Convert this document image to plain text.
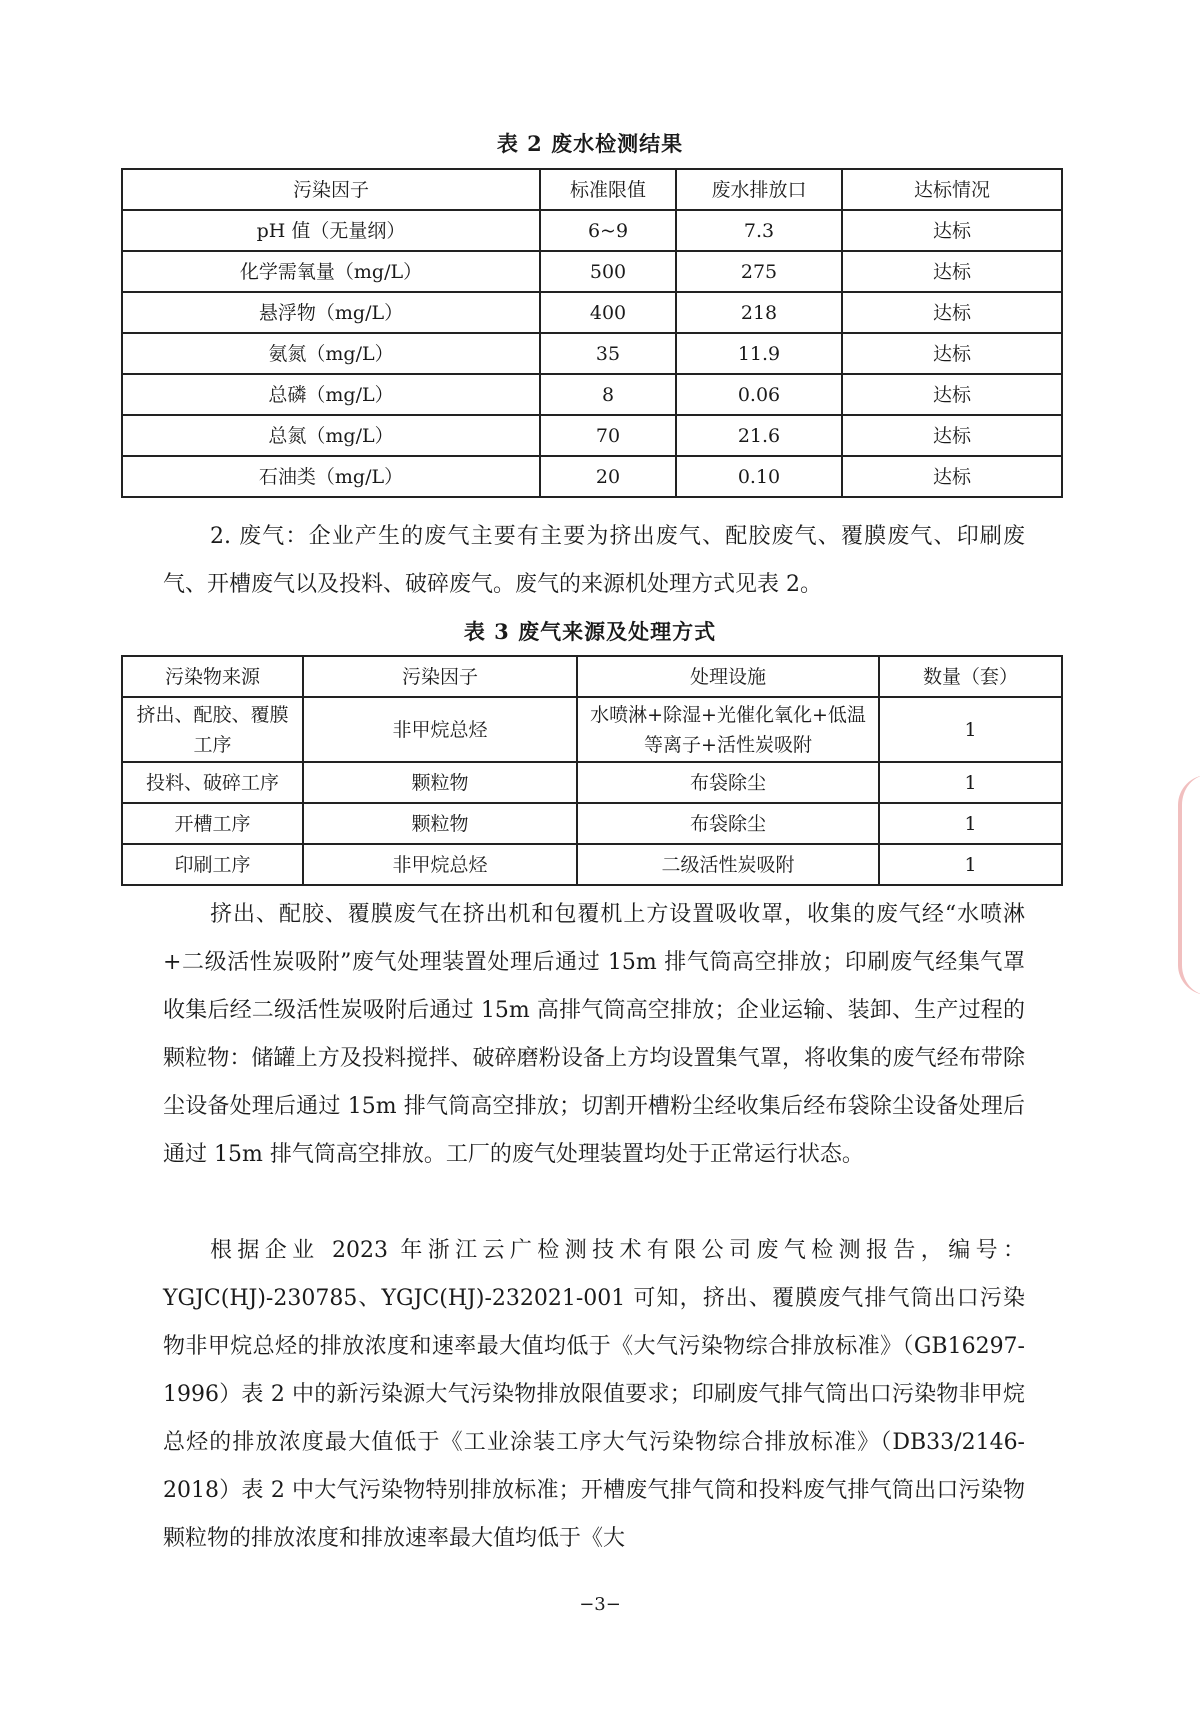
表 2 废水检测结果
污染因子	标准限值	废水排放口	达标情况
pH 值（无量纲）	6~9	7.3	达标
化学需氧量（mg/L）	500	275	达标
悬浮物（mg/L）	400	218	达标
氨氮（mg/L）	35	11.9	达标
总磷（mg/L）	8	0.06	达标
总氮（mg/L）	70	21.6	达标
石油类（mg/L）	20	0.10	达标

2. 废气：企业产生的废气主要有主要为挤出废气、配胶废气、覆膜废气、印刷废气、开槽废气以及投料、破碎废气。废气的来源机处理方式见表 2。

表 3 废气来源及处理方式
污染物来源	污染因子	处理设施	数量（套）
挤出、配胶、覆膜工序	非甲烷总烃	水喷淋+除湿+光催化氧化+低温等离子+活性炭吸附	1
投料、破碎工序	颗粒物	布袋除尘	1
开槽工序	颗粒物	布袋除尘	1
印刷工序	非甲烷总烃	二级活性炭吸附	1

挤出、配胶、覆膜废气在挤出机和包覆机上方设置吸收罩，收集的废气经“水喷淋+二级活性炭吸附”废气处理装置处理后通过 15m 排气筒高空排放；印刷废气经集气罩收集后经二级活性炭吸附后通过 15m 高排气筒高空排放；企业运输、装卸、生产过程的颗粒物：储罐上方及投料搅拌、破碎磨粉设备上方均设置集气罩，将收集的废气经布带除尘设备处理后通过 15m 排气筒高空排放；切割开槽粉尘经收集后经布袋除尘设备处理后通过 15m 排气筒高空排放。工厂的废气处理装置均处于正常运行状态。

根据企业 2023 年浙江云广检测技术有限公司废气检测报告，编号：YGJC(HJ)-230785、YGJC(HJ)-232021-001 可知，挤出、覆膜废气排气筒出口污染物非甲烷总烃的排放浓度和速率最大值均低于《大气污染物综合排放标准》（GB16297-1996）表 2 中的新污染源大气污染物排放限值要求；印刷废气排气筒出口污染物非甲烷总烃的排放浓度最大值低于《工业涂装工序大气污染物综合排放标准》（DB33/2146-2018）表 2 中大气污染物特别排放标准；开槽废气排气筒和投料废气排气筒出口污染物颗粒物的排放浓度和排放速率最大值均低于《大

−3−
